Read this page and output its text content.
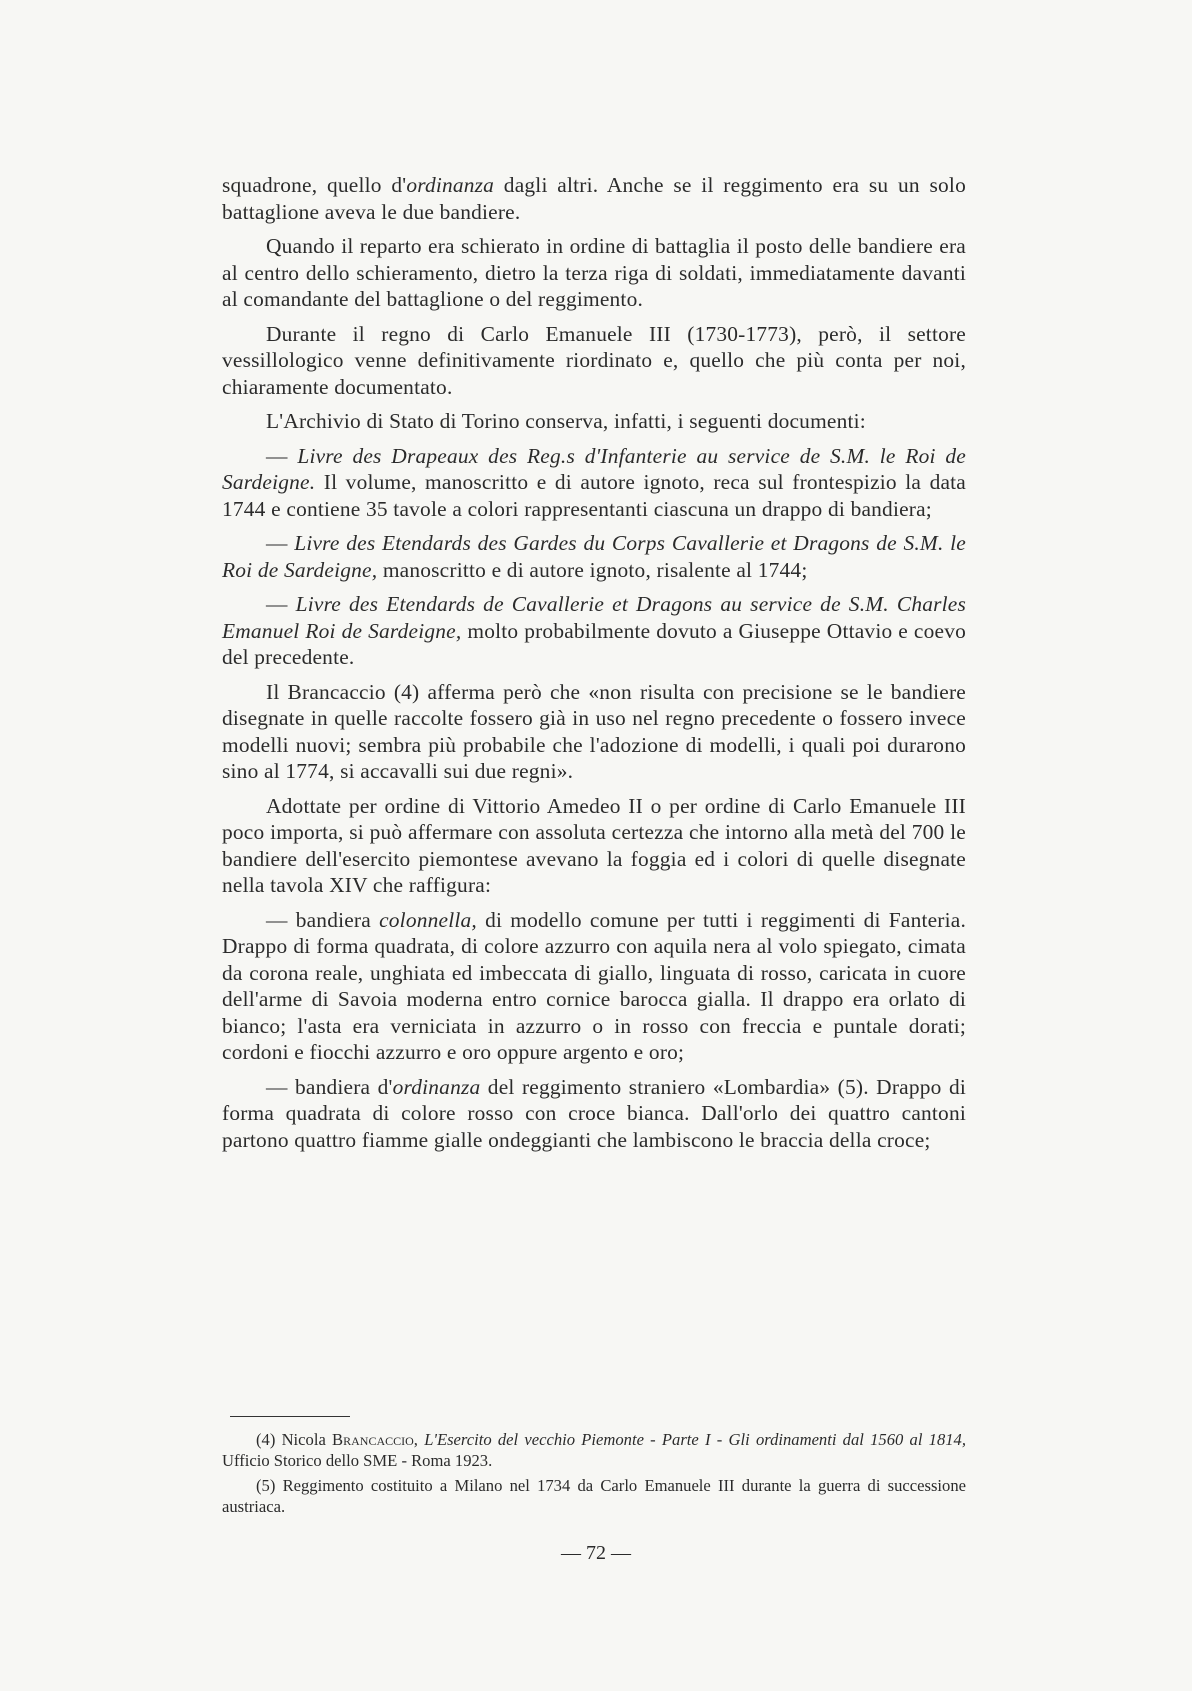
squadrone, quello d'ordinanza dagli altri. Anche se il reggimento era su un solo battaglione aveva le due bandiere.

Quando il reparto era schierato in ordine di battaglia il posto delle bandiere era al centro dello schieramento, dietro la terza riga di soldati, immediatamente davanti al comandante del battaglione o del reggimento.

Durante il regno di Carlo Emanuele III (1730-1773), però, il settore vessillologico venne definitivamente riordinato e, quello che più conta per noi, chiaramente documentato.

L'Archivio di Stato di Torino conserva, infatti, i seguenti documenti:

— Livre des Drapeaux des Reg.s d'Infanterie au service de S.M. le Roi de Sardeigne. Il volume, manoscritto e di autore ignoto, reca sul frontespizio la data 1744 e contiene 35 tavole a colori rappresentanti ciascuna un drappo di bandiera;

— Livre des Etendards des Gardes du Corps Cavallerie et Dragons de S.M. le Roi de Sardeigne, manoscritto e di autore ignoto, risalente al 1744;

— Livre des Etendards de Cavallerie et Dragons au service de S.M. Charles Emanuel Roi de Sardeigne, molto probabilmente dovuto a Giuseppe Ottavio e coevo del precedente.

Il Brancaccio (4) afferma però che «non risulta con precisione se le bandiere disegnate in quelle raccolte fossero già in uso nel regno precedente o fossero invece modelli nuovi; sembra più probabile che l'adozione di modelli, i quali poi durarono sino al 1774, si accavalli sui due regni».

Adottate per ordine di Vittorio Amedeo II o per ordine di Carlo Emanuele III poco importa, si può affermare con assoluta certezza che intorno alla metà del 700 le bandiere dell'esercito piemontese avevano la foggia ed i colori di quelle disegnate nella tavola XIV che raffigura:

— bandiera colonnella, di modello comune per tutti i reggimenti di Fanteria. Drappo di forma quadrata, di colore azzurro con aquila nera al volo spiegato, cimata da corona reale, unghiata ed imbeccata di giallo, linguata di rosso, caricata in cuore dell'arme di Savoia moderna entro cornice barocca gialla. Il drappo era orlato di bianco; l'asta era verniciata in azzurro o in rosso con freccia e puntale dorati; cordoni e fiocchi azzurro e oro oppure argento e oro;

— bandiera d'ordinanza del reggimento straniero «Lombardia» (5). Drappo di forma quadrata di colore rosso con croce bianca. Dall'orlo dei quattro cantoni partono quattro fiamme gialle ondeggianti che lambiscono le braccia della croce;

(4) Nicola Brancaccio, L'Esercito del vecchio Piemonte - Parte I - Gli ordinamenti dal 1560 al 1814, Ufficio Storico dello SME - Roma 1923.

(5) Reggimento costituito a Milano nel 1734 da Carlo Emanuele III durante la guerra di successione austriaca.

— 72 —
